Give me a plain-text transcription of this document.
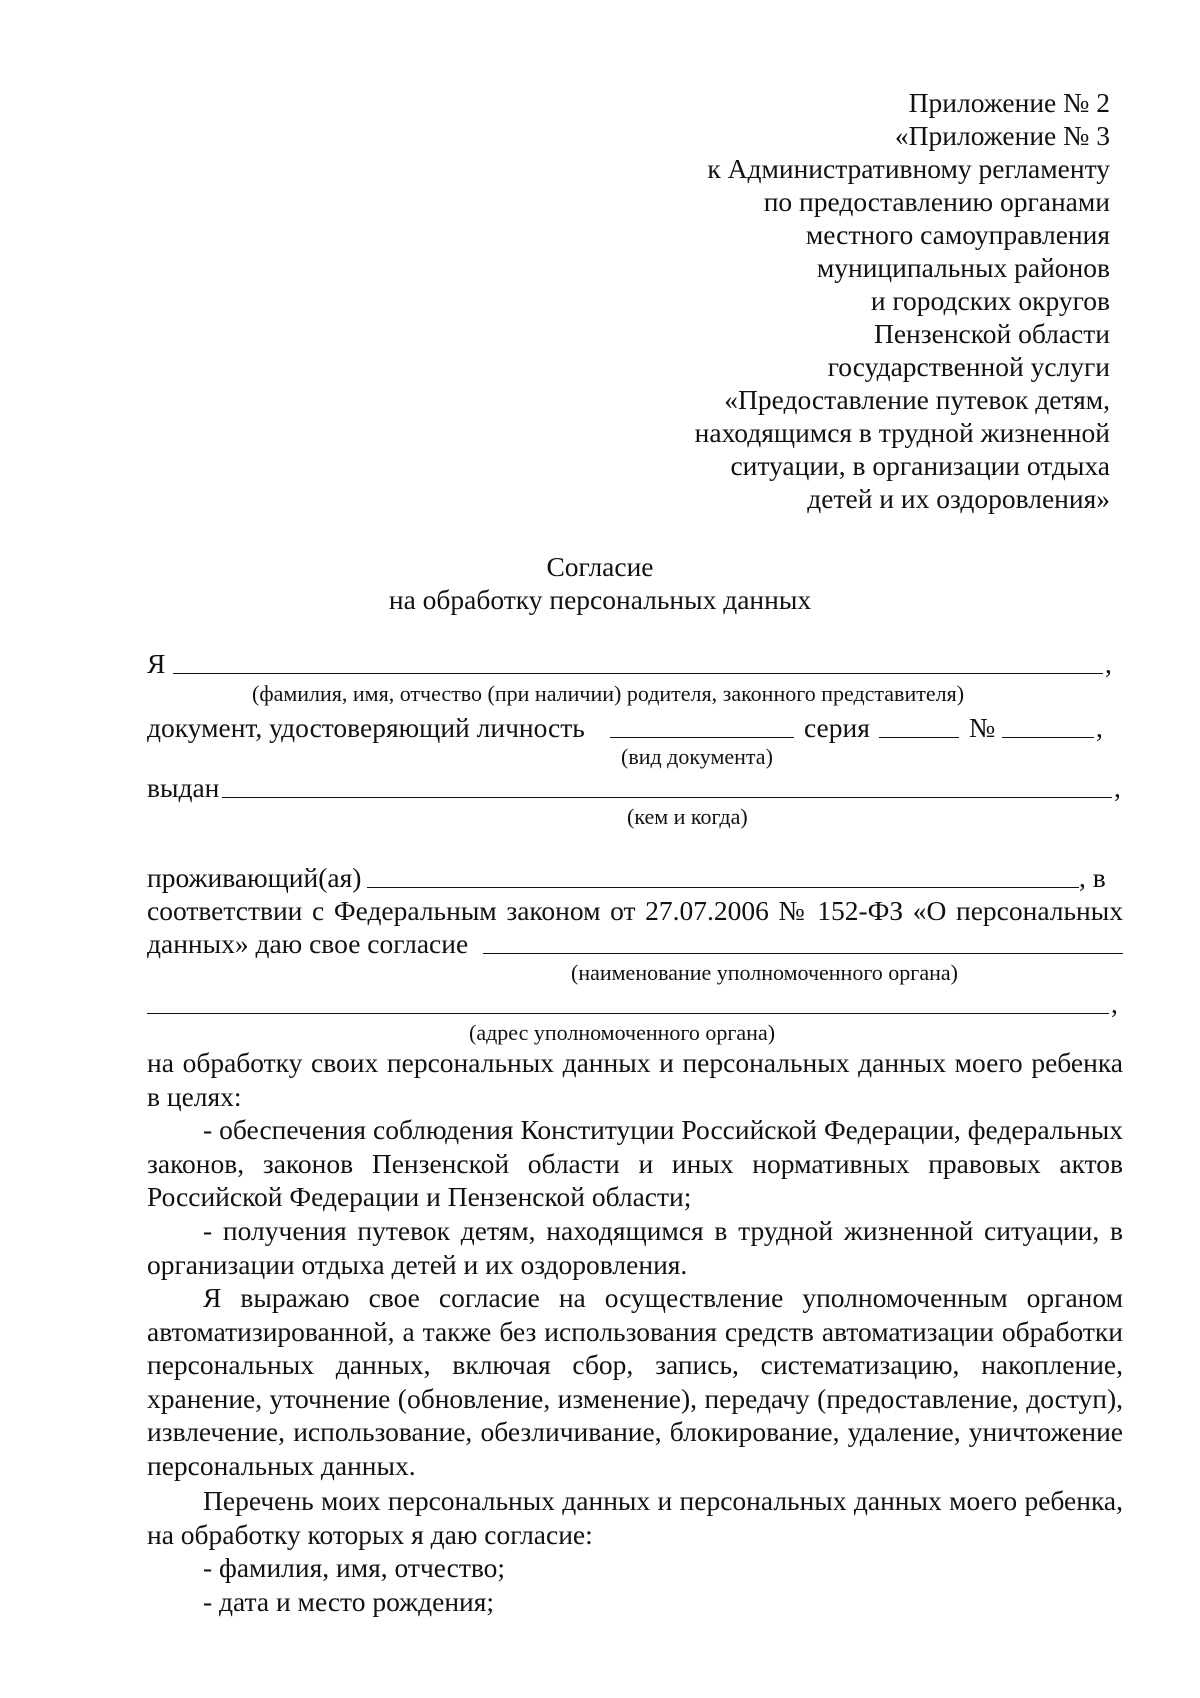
Приложение № 2
«Приложение № 3
к Административному регламенту
по предоставлению органами
местного самоуправления
муниципальных районов
и городских округов
Пензенской области
государственной услуги
«Предоставление путевок детям,
находящимся в трудной жизненной
ситуации, в организации отдыха
детей и их оздоровления»
Согласие
на обработку персональных данных
Я	,
(фамилия, имя, отчество (при наличии) родителя, законного представителя)
документ, удостоверяющий личность	серия	№	,
(вид документа)
выдан	,
(кем и когда)
проживающий(ая)	, в
соответствии с Федеральным законом от 27.07.2006 № 152-ФЗ «О персональных
данных» даю свое согласие
(наименование уполномоченного органа)
,
(адрес уполномоченного органа)
на обработку своих персональных данных и персональных данных моего ребенка в целях:
- обеспечения соблюдения Конституции Российской Федерации, федеральных законов, законов Пензенской области и иных нормативных правовых актов Российской Федерации и Пензенской области;
- получения путевок детям, находящимся в трудной жизненной ситуации, в организации отдыха детей и их оздоровления.
Я выражаю свое согласие на осуществление уполномоченным органом автоматизированной, а также без использования средств автоматизации обработки персональных данных, включая сбор, запись, систематизацию, накопление, хранение, уточнение (обновление, изменение), передачу (предоставление, доступ), извлечение, использование, обезличивание, блокирование, удаление, уничтожение персональных данных.
Перечень моих персональных данных и персональных данных моего ребенка, на обработку которых я даю согласие:
- фамилия, имя, отчество;
- дата и место рождения;
